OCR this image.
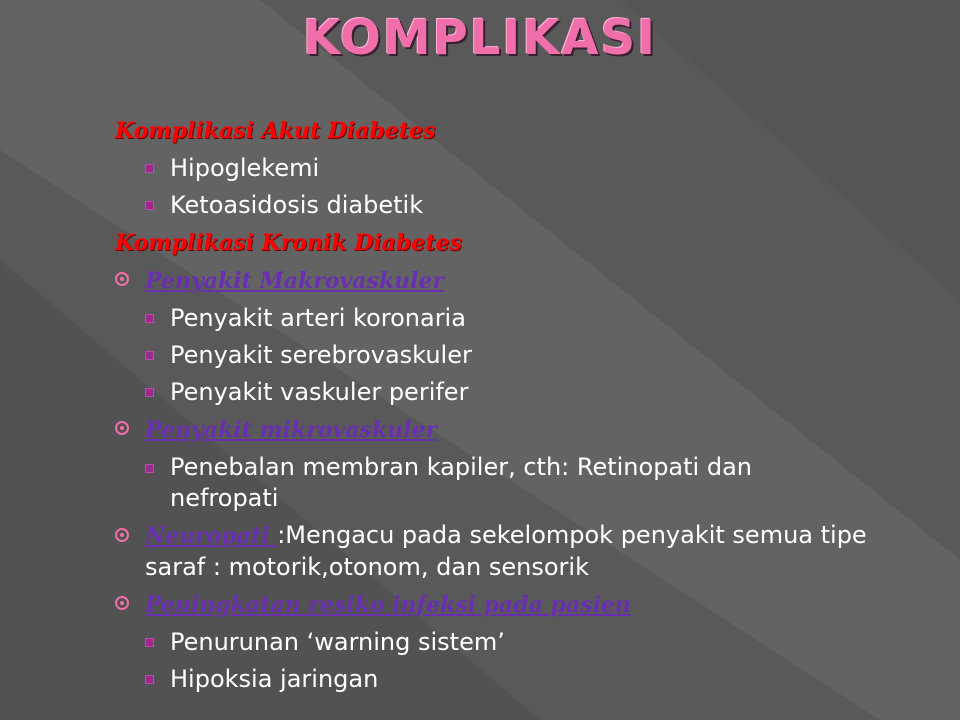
KOMPLIKASI
Komplikasi Akut Diabetes
Hipoglekemi
Ketoasidosis diabetik
Komplikasi Kronik Diabetes
Penyakit Makrovaskuler
Penyakit arteri koronaria
Penyakit serebrovaskuler
Penyakit vaskuler perifer
Penyakit mikrovaskuler
Penebalan membran kapiler, cth: Retinopati dan nefropati
Neuropati :Mengacu pada sekelompok penyakit semua tipe saraf : motorik,otonom, dan sensorik
Peningkatan resiko infeksi pada pasien
Penurunan ‘warning sistem’
Hipoksia jaringan
